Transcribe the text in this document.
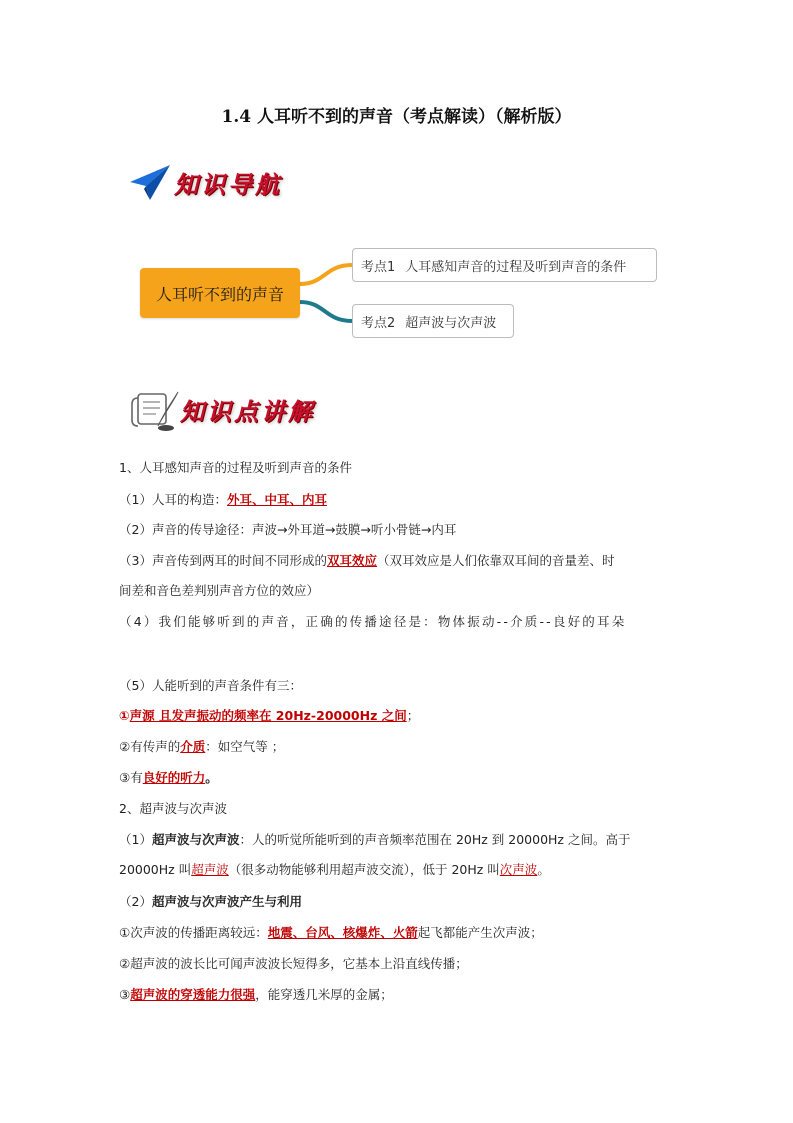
1.4 人耳听不到的声音（考点解读）（解析版）
知识导航
人耳听不到的声音
考点1 人耳感知声音的过程及听到声音的条件
考点2 超声波与次声波
知识点讲解
1、人耳感知声音的过程及听到声音的条件
（1）人耳的构造：外耳、中耳、内耳
（2）声音的传导途径：声波→外耳道→鼓膜→听小骨链→内耳
（3）声音传到两耳的时间不同形成的双耳效应（双耳效应是人们依靠双耳间的音量差、时
间差和音色差判别声音方位的效应）
（4）我们能够听到的声音，正确的传播途径是：物体振动--介质--良好的耳朵
（5）人能听到的声音条件有三：
①声源 且发声振动的频率在 20Hz-20000Hz 之间；
②有传声的介质：如空气等 ；
③有良好的听力。
2、超声波与次声波
（1）超声波与次声波：人的听觉所能听到的声音频率范围在 20Hz 到 20000Hz 之间。高于
20000Hz 叫超声波（很多动物能够利用超声波交流），低于 20Hz 叫次声波。
（2）超声波与次声波产生与利用
①次声波的传播距离较远：地震、台风、核爆炸、火箭起飞都能产生次声波；
②超声波的波长比可闻声波波长短得多，它基本上沿直线传播；
③超声波的穿透能力很强，能穿透几米厚的金属；
